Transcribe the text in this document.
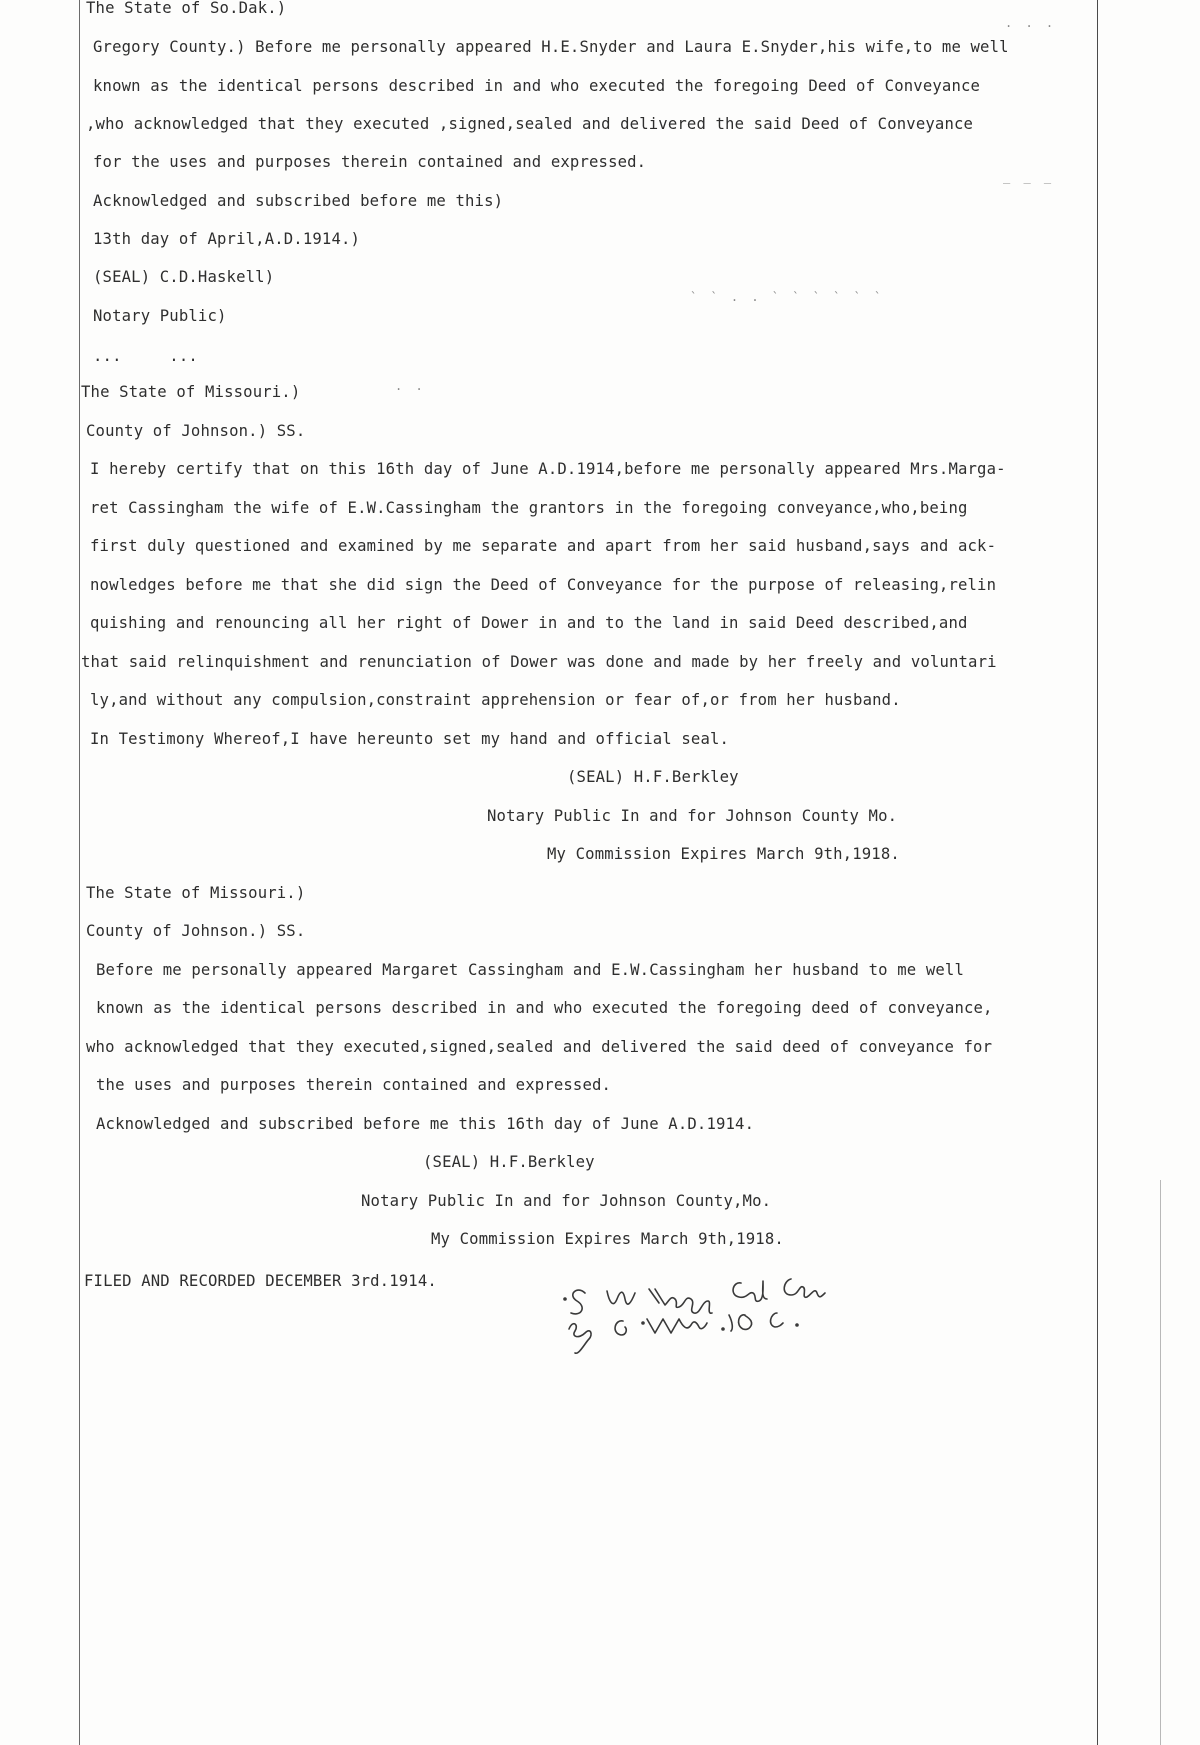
The State of So.Dak.)
Gregory County.) Before me personally appeared H.E.Snyder and Laura E.Snyder,his wife,to me well
known as the identical persons described in and who executed the foregoing Deed of Conveyance
,who acknowledged that they executed ,signed,sealed and delivered the said Deed of Conveyance
for the uses and purposes therein contained and expressed.
Acknowledged and subscribed before me this)
13th day of April,A.D.1914.)
(SEAL) C.D.Haskell)
Notary Public)
...     ...
The State of Missouri.)
County of Johnson.) SS.
I hereby certify that on this 16th day of June A.D.1914,before me personally appeared Mrs.Marga-
ret Cassingham the wife of E.W.Cassingham the grantors in the foregoing conveyance,who,being
first duly questioned and examined by me separate and apart from her said husband,says and ack-
nowledges before me that she did sign the Deed of Conveyance for the purpose of releasing,relin
quishing and renouncing all her right of Dower in and to the land in said Deed described,and
that said relinquishment and renunciation of Dower was done and made by her freely and voluntari
ly,and without any compulsion,constraint apprehension or fear of,or from her husband.
In Testimony Whereof,I have hereunto set my hand and official seal.
(SEAL) H.F.Berkley
Notary Public In and for Johnson County Mo.
My Commission Expires March 9th,1918.
The State of Missouri.)
County of Johnson.) SS.
Before me personally appeared Margaret Cassingham and E.W.Cassingham her husband to me well
known as the identical persons described in and who executed the foregoing deed of conveyance,
who acknowledged that they executed,signed,sealed and delivered the said deed of conveyance for
the uses and purposes therein contained and expressed.
Acknowledged and subscribed before me this 16th day of June A.D.1914.
(SEAL) H.F.Berkley
Notary Public In and for Johnson County,Mo.
My Commission Expires March 9th,1918.
FILED AND RECORDED DECEMBER 3rd.1914.
. . .
` ` . . ` ` ` ` ` `
. .
_ _ _
